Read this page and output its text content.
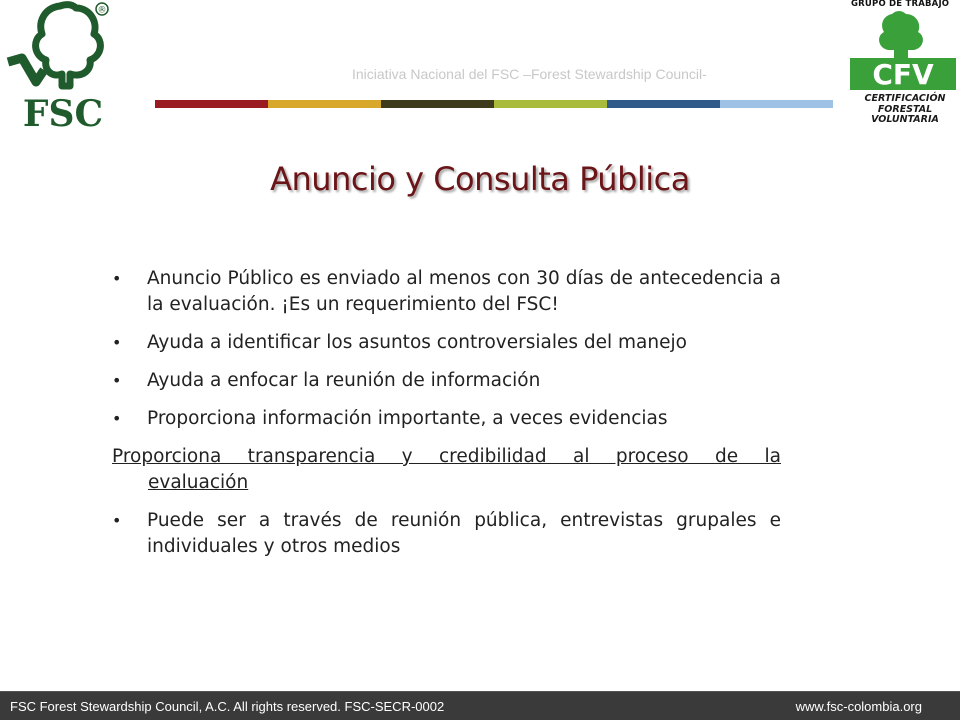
FSC
®
Iniciativa Nacional del FSC –Forest Stewardship Council-	CFV
GRUPO DE TRABAJO
CERTIFICACIÓN
FORESTAL
VOLUNTARIA
Anuncio y Consulta Pública
• Anuncio Público es enviado al menos con 30 días de antecedencia a la evaluación. ¡Es un requerimiento del FSC!
• Ayuda a identificar los asuntos controversiales del manejo
• Ayuda a enfocar la reunión de información
• Proporciona información importante, a veces evidencias
Proporciona transparencia y credibilidad al proceso de la
evaluación
• Puede ser a través de reunión pública, entrevistas grupales e individuales y otros medios
FSC Forest Stewardship Council, A.C. All rights reserved. FSC-SECR-0002	www.fsc-colombia.org
